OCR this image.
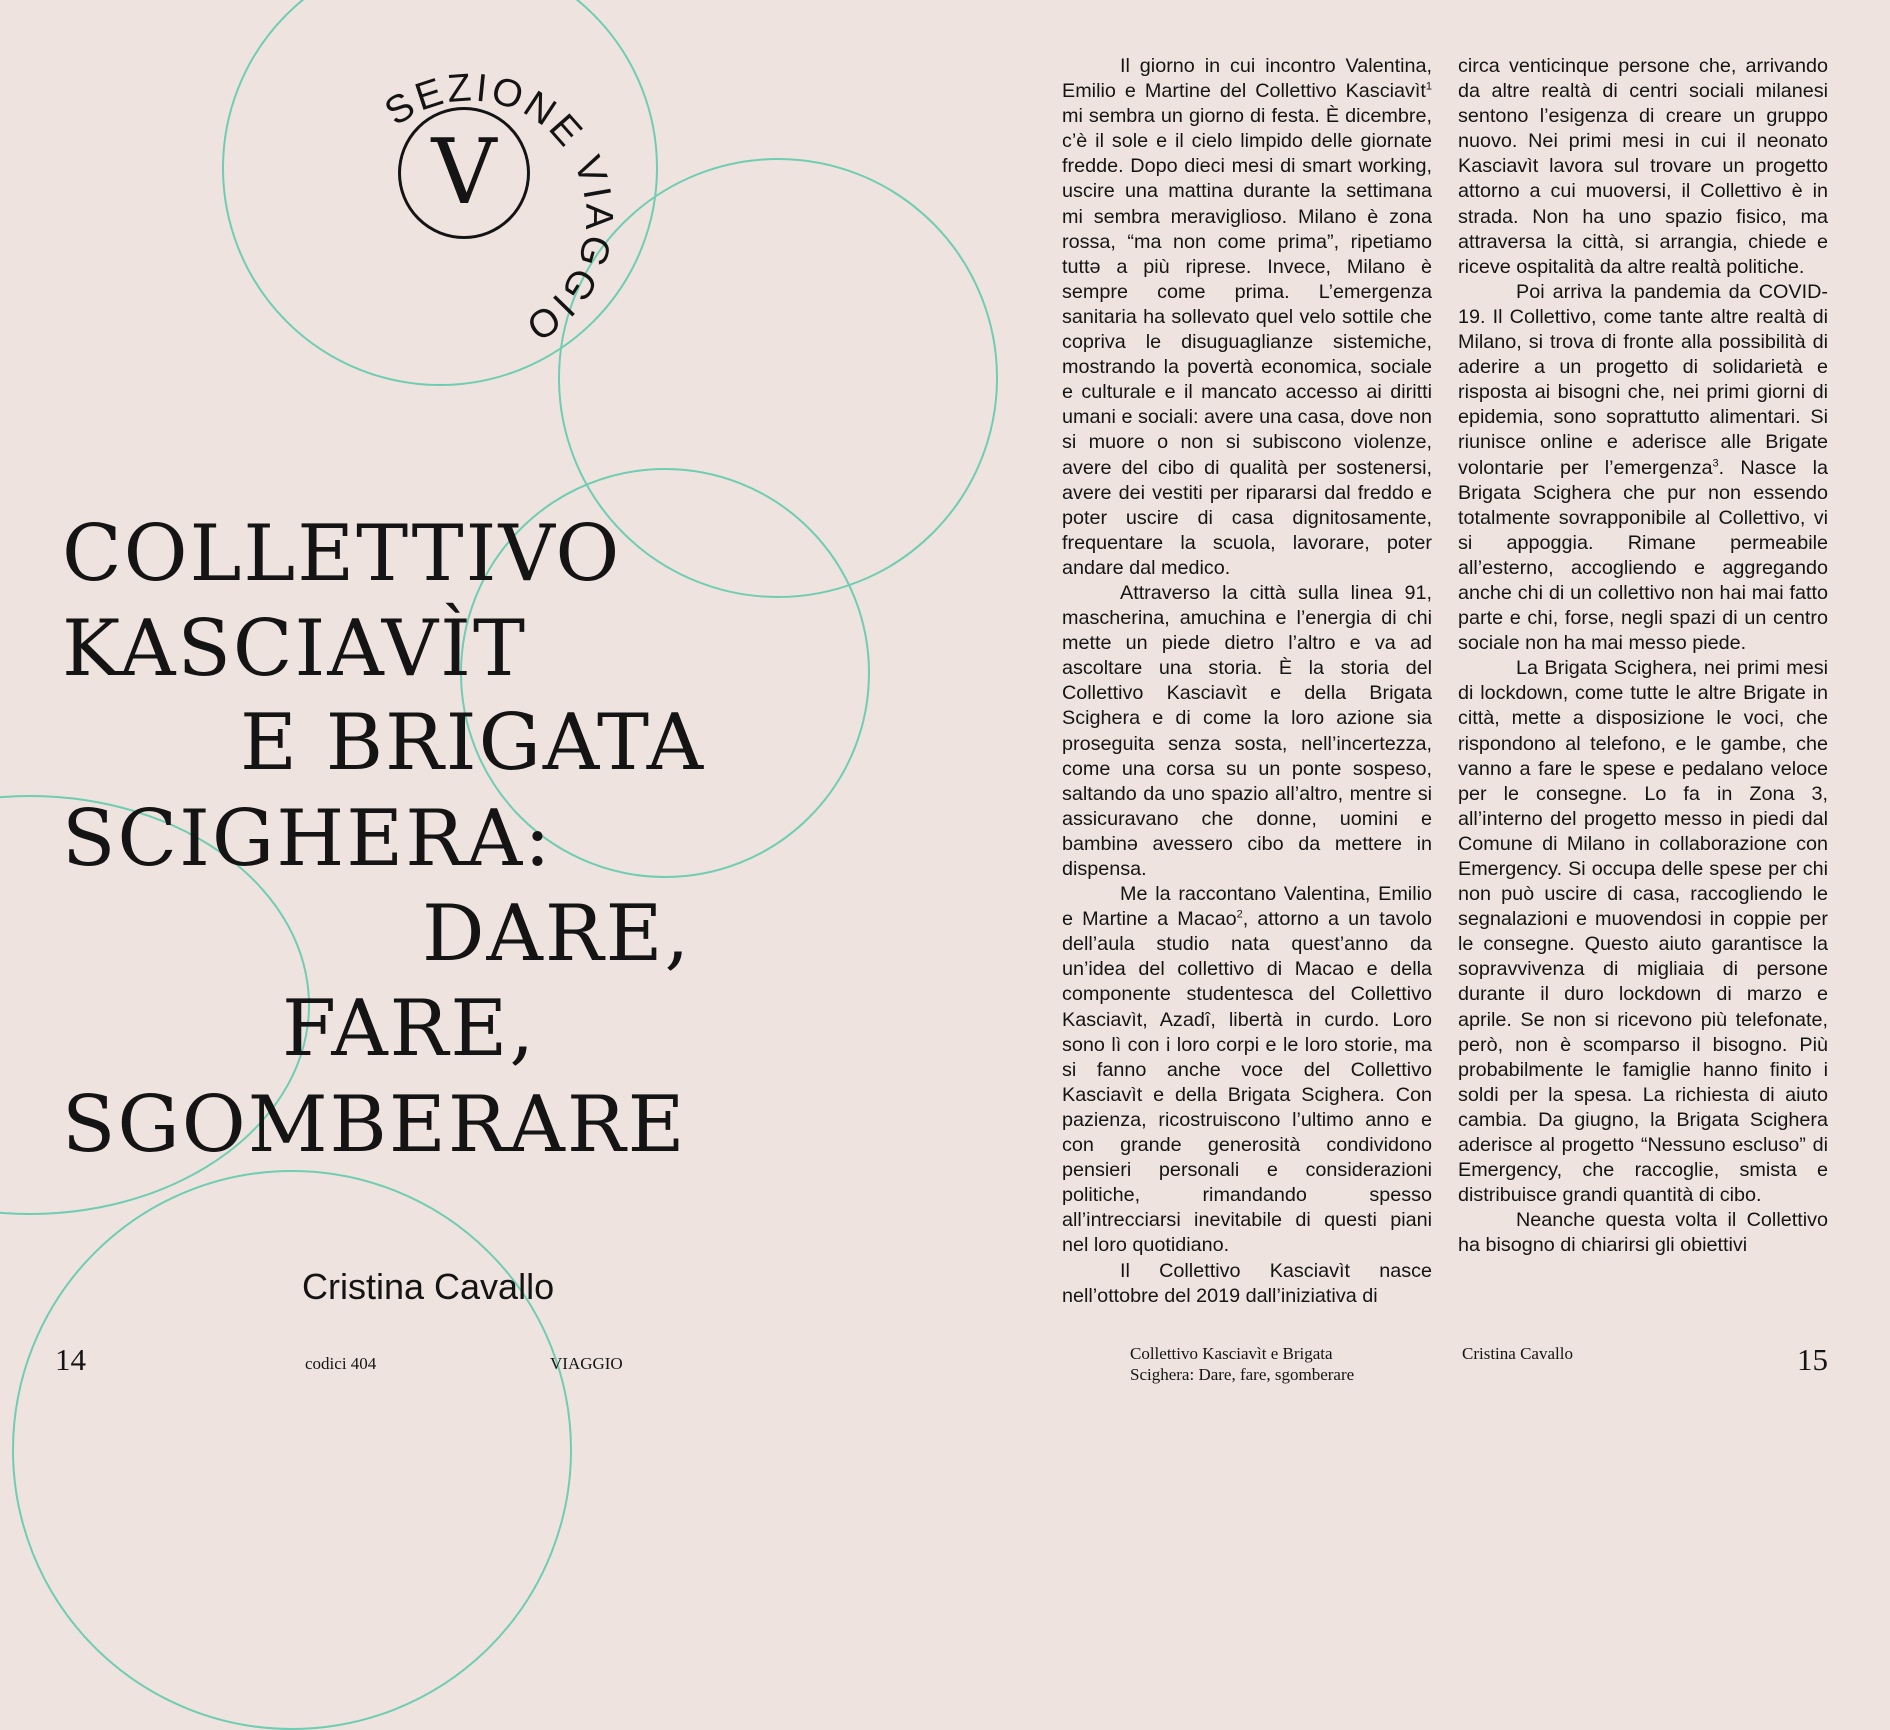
V
SEZIONE VIAGGIO
COLLETTIVO
KASCIAVÌT
E BRIGATA
SCIGHERA:
DARE,
FARE,
SGOMBERARE
Cristina Cavallo

Il giorno in cui incontro Valentina, Emilio e Martine del Collettivo Kasciavìt$^1$ mi sembra un giorno di festa. È dicembre, c’è il sole e il cielo limpido delle giornate fredde. Dopo dieci mesi di smart working, uscire una mattina durante la settimana mi sembra meraviglioso. Milano è zona rossa, “ma non come prima”, ripetiamo tuttə a più riprese. Invece, Milano è sempre come prima. L’emergenza sanitaria ha sollevato quel velo sottile che copriva le disuguaglianze sistemiche, mostrando la povertà economica, sociale e culturale e il mancato accesso ai diritti umani e sociali: avere una casa, dove non si muore o non si subiscono violenze, avere del cibo di qualità per sostenersi, avere dei vestiti per ripararsi dal freddo e poter uscire di casa dignitosamente, frequentare la scuola, lavorare, poter andare dal medico.

Attraverso la città sulla linea 91, mascherina, amuchina e l’energia di chi mette un piede dietro l’altro e va ad ascoltare una storia. È la storia del Collettivo Kasciavìt e della Brigata Scighera e di come la loro azione sia proseguita senza sosta, nell’incertezza, come una corsa su un ponte sospeso, saltando da uno spazio all’altro, mentre si assicuravano che donne, uomini e bambinə avessero cibo da mettere in dispensa.

Me la raccontano Valentina, Emilio e Martine a Macao$^2$, attorno a un tavolo dell’aula studio nata quest’anno da un’idea del collettivo di Macao e della componente studentesca del Collettivo Kasciavìt, Azadî, libertà in curdo. Loro sono lì con i loro corpi e le loro storie, ma si fanno anche voce del Collettivo Kasciavìt e della Brigata Scighera. Con pazienza, ricostruiscono l’ultimo anno e con grande generosità condividono pensieri personali e considerazioni politiche, rimandando spesso all’intrecciarsi inevitabile di questi piani nel loro quotidiano.

Il Collettivo Kasciavìt nasce nell’ottobre del 2019 dall’iniziativa di

circa venticinque persone che, arrivando da altre realtà di centri sociali milanesi sentono l’esigenza di creare un gruppo nuovo. Nei primi mesi in cui il neonato Kasciavìt lavora sul trovare un progetto attorno a cui muoversi, il Collettivo è in strada. Non ha uno spazio fisico, ma attraversa la città, si arrangia, chiede e riceve ospitalità da altre realtà politiche.

Poi arriva la pandemia da COVID-19. Il Collettivo, come tante altre realtà di Milano, si trova di fronte alla possibilità di aderire a un progetto di solidarietà e risposta ai bisogni che, nei primi giorni di epidemia, sono soprattutto alimentari. Si riunisce online e aderisce alle Brigate volontarie per l’emergenza$^3$. Nasce la Brigata Scighera che pur non essendo totalmente sovrapponibile al Collettivo, vi si appoggia. Rimane permeabile all’esterno, accogliendo e aggregando anche chi di un collettivo non hai mai fatto parte e chi, forse, negli spazi di un centro sociale non ha mai messo piede.

La Brigata Scighera, nei primi mesi di lockdown, come tutte le altre Brigate in città, mette a disposizione le voci, che rispondono al telefono, e le gambe, che vanno a fare le spese e pedalano veloce per le consegne. Lo fa in Zona 3, all’interno del progetto messo in piedi dal Comune di Milano in collaborazione con Emergency. Si occupa delle spese per chi non può uscire di casa, raccogliendo le segnalazioni e muovendosi in coppie per le consegne. Questo aiuto garantisce la sopravvivenza di migliaia di persone durante il duro lockdown di marzo e aprile. Se non si ricevono più telefonate, però, non è scomparso il bisogno. Più probabilmente le famiglie hanno finito i soldi per la spesa. La richiesta di aiuto cambia. Da giugno, la Brigata Scighera aderisce al progetto “Nessuno escluso” di Emergency, che raccoglie, smista e distribuisce grandi quantità di cibo.

Neanche questa volta il Collettivo ha bisogno di chiarirsi gli obiettivi

14	codici 404	VIAGGIO
Collettivo Kasciavìt e Brigata
Scighera: Dare, fare, sgomberare
Cristina Cavallo	15
